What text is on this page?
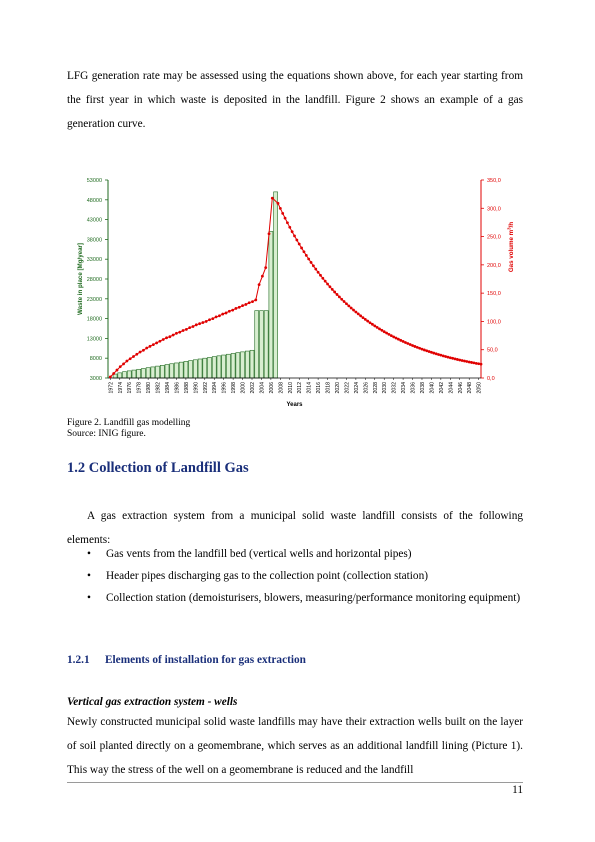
LFG generation rate may be assessed using the equations shown above, for each year starting from the first year in which waste is deposited in the landfill. Figure 2 shows an example of a gas generation curve.

3000
8000
13000
18000
23000
28000
33000
38000
43000
48000
53000
0,0
50,0
100,0
150,0
200,0
250,0
300,0
350,0
1972 1974 1976 1978 1980 1982 1984 1986 1988 1990 1992 1994 1996 1998 2000 2002 2004 2006 2008 2010 2012 2014 2016 2018 2020 2022 2024 2026 2028 2030 2032 2034 2036 2038 2040 2042 2044 2046 2048 2050
Years
Waste in place [Mg/year]	Gas volume $m^3/h$
Figure 2. Landfill gas modelling
Source: INIG figure.
1.2 Collection of Landfill Gas

A gas extraction system from a municipal solid waste landfill consists of the following elements:

• Gas vents from the landfill bed (vertical wells and horizontal pipes)
• Header pipes discharging gas to the collection point (collection station)
• Collection station (demoisturisers, blowers, measuring/performance monitoring equipment)
1.2.1 Elements of installation for gas extraction
Vertical gas extraction system - wells

Newly constructed municipal solid waste landfills may have their extraction wells built on the layer of soil planted directly on a geomembrane, which serves as an additional landfill lining (Picture 1). This way the stress of the well on a geomembrane is reduced and the landfill

11
